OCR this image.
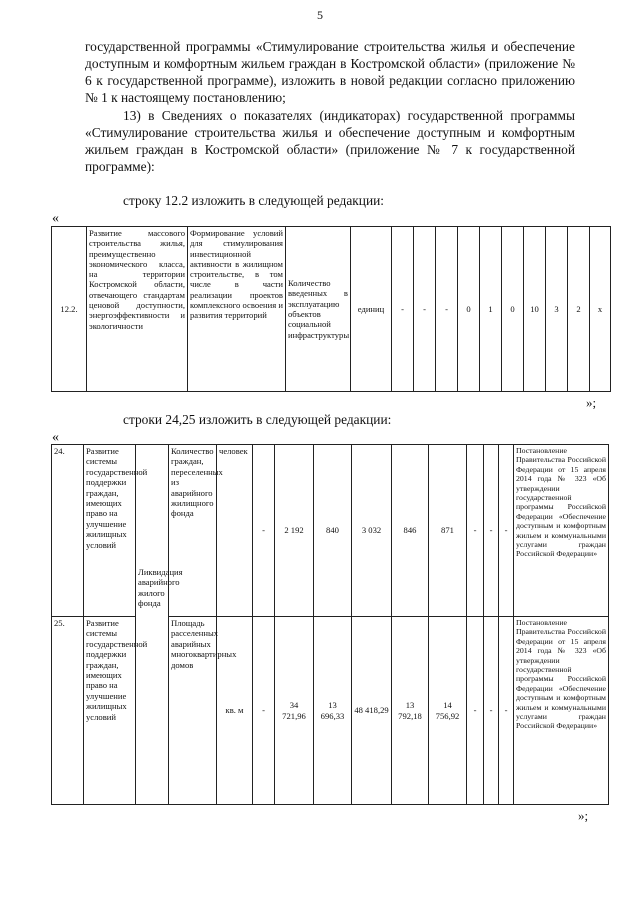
5
государственной программы «Стимулирование строительства жилья и обеспечение доступным и комфортным жильем граждан в Костромской области» (приложение № 6 к государственной программе), изложить в новой редакции согласно приложению № 1 к настоящему постановлению;
13) в Сведениях о показателях (индикаторах) государственной программы «Стимулирование строительства жилья и обеспечение доступным и комфортным жильем граждан в Костромской области» (приложение № 7 к государственной программе):
строку 12.2 изложить в следующей редакции:
«
12.2.	Развитие массового строительства жилья, преимущественно экономического класса, на территории Костромской области, отвечающего стандартам ценовой доступности, энергоэффективности и экологичности	Формирование условий для стимулирования инвестиционной активности в жилищном строительстве, в том числе в части реализации проектов комплексного освоения и развития территорий	Количество введенных в эксплуатацию объектов социальной инфраструктуры	единиц	-	-	-	0	1	0	10	3	2	х
»;
строки 24,25 изложить в следующей редакции:
«
24.	Развитие системы государственной поддержки граждан, имеющих право на улучшение жилищных условий	Ликвидация аварийного жилого фонда	Количество граждан, переселенных из аварийного жилищного фонда	человек	-	2 192	840	3 032	846	871	-	-	-	Постановление Правительства Российской Федерации от 15 апреля 2014 года № 323 «Об утверждении государственной программы Российской Федерации «Обеспечение доступным и комфортным жильем и коммунальными услугами граждан Российской Федерации»
25.	Развитие системы государственной поддержки граждан, имеющих право на улучшение жилищных условий		Площадь расселенных аварийных многоквартирных домов	кв. м	-	34 721,96	13 696,33	48 418,29	13 792,18	14 756,92	-	-	-	Постановление Правительства Российской Федерации от 15 апреля 2014 года № 323 «Об утверждении государственной программы Российской Федерации «Обеспечение доступным и комфортным жильем и коммунальными услугами граждан Российской Федерации»
»;
